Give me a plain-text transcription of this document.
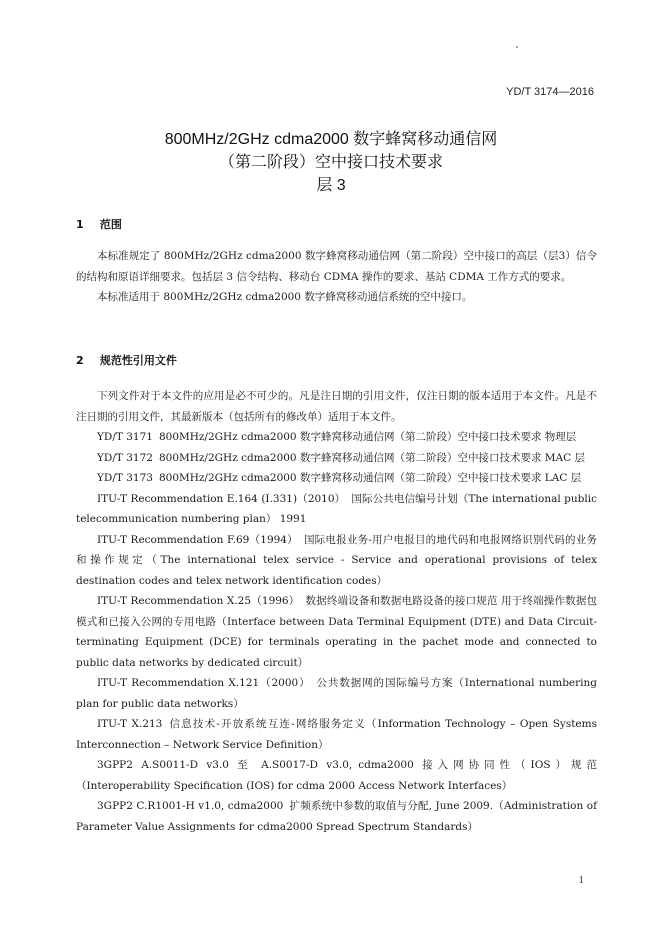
YD/T 3174—2016
800MHz/2GHz cdma2000 数字蜂窝移动通信网
（第二阶段）空中接口技术要求
层 3
1 范围

本标准规定了 800MHz/2GHz cdma2000 数字蜂窝移动通信网（第二阶段）空中接口的高层（层3）信令的结构和原语详细要求。包括层 3 信令结构、移动台 CDMA 操作的要求、基站 CDMA 工作方式的要求。

本标准适用于 800MHz/2GHz cdma2000 数字蜂窝移动通信系统的空中接口。

2 规范性引用文件

下列文件对于本文件的应用是必不可少的。凡是注日期的引用文件，仅注日期的版本适用于本文件。凡是不注日期的引用文件，其最新版本（包括所有的修改单）适用于本文件。

YD/T 3171 800MHz/2GHz cdma2000 数字蜂窝移动通信网（第二阶段）空中接口技术要求 物理层

YD/T 3172 800MHz/2GHz cdma2000 数字蜂窝移动通信网（第二阶段）空中接口技术要求 MAC 层

YD/T 3173 800MHz/2GHz cdma2000 数字蜂窝移动通信网（第二阶段）空中接口技术要求 LAC 层

ITU-T Recommendation E.164 (I.331)（2010） 国际公共电信编号计划（The international public telecommunication numbering plan） 1991

ITU-T Recommendation F.69（1994） 国际电报业务-用户电报目的地代码和电报网络识别代码的业务和操作规定（The international telex service - Service and operational provisions of telex destination codes and telex network identification codes）

ITU-T Recommendation X.25（1996） 数据终端设备和数据电路设备的接口规范 用于终端操作数据包模式和已接入公网的专用电路（Interface between Data Terminal Equipment (DTE) and Data Circuit-terminating Equipment (DCE) for terminals operating in the pachet mode and connected to public data networks by dedicated circuit）

ITU-T Recommendation X.121（2000） 公共数据网的国际编号方案（International numbering plan for public data networks）

ITU-T X.213 信息技术-开放系统互连-网络服务定义（Information Technology – Open Systems Interconnection – Network Service Definition）

3GPP2 A.S0011-D v3.0 至 A.S0017-D v3.0, cdma2000 接入网协同性（IOS）规范（Interoperability Specification (IOS) for cdma 2000 Access Network Interfaces）

3GPP2 C.R1001-H v1.0, cdma2000 扩频系统中参数的取值与分配, June 2009.（Administration of Parameter Value Assignments for cdma2000 Spread Spectrum Standards）

1
